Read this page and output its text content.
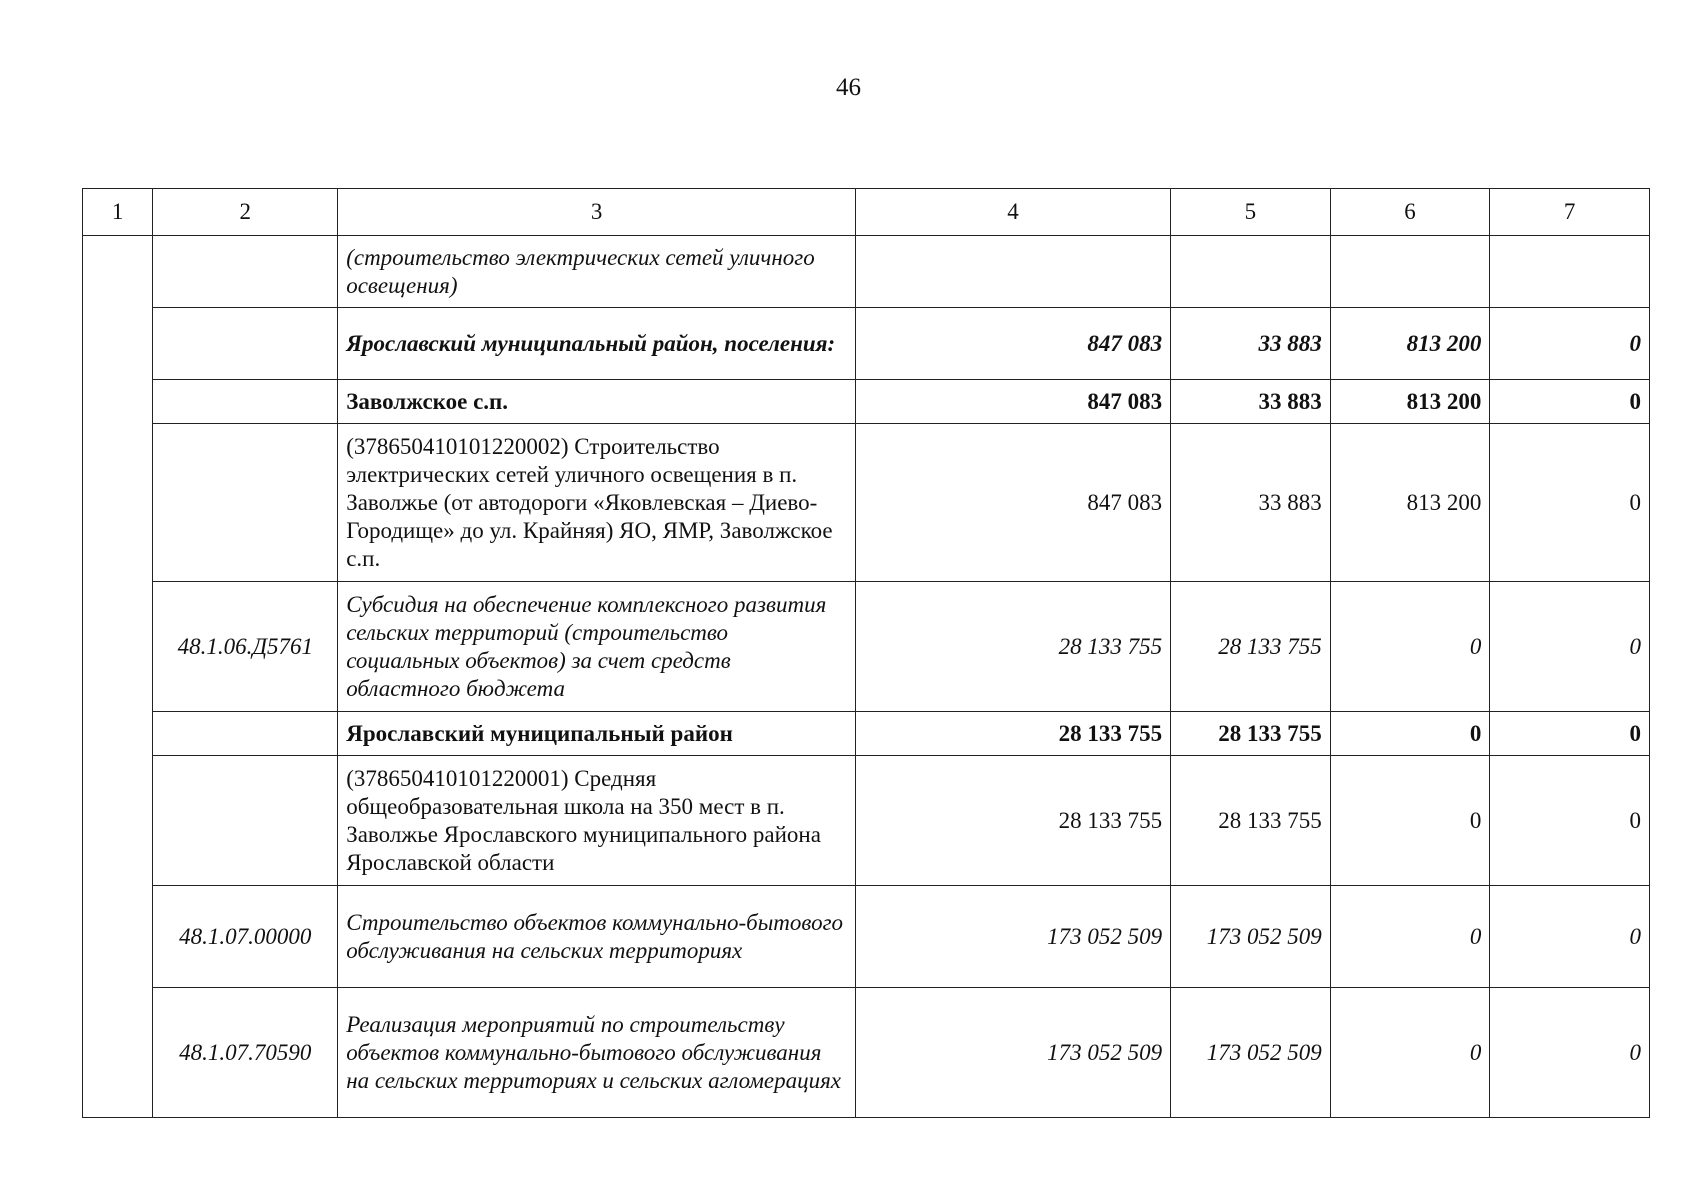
46
1	2	3	4	5	6	7
		(строительство электрических сетей уличного освещения)				
		Ярославский муниципальный район, поселения:	847 083	33 883	813 200	0
		Заволжское с.п.	847 083	33 883	813 200	0
		(378650410101220002) Строительство электрических сетей уличного освещения в п. Заволжье (от автодороги «Яковлевская – Диево-Городище» до ул. Крайняя) ЯО, ЯМР, Заволжское с.п.	847 083	33 883	813 200	0
	48.1.06.Д5761	Субсидия на обеспечение комплексного развития сельских территорий (строительство социальных объектов) за счет средств областного бюджета	28 133 755	28 133 755	0	0
		Ярославский муниципальный район	28 133 755	28 133 755	0	0
		(378650410101220001) Средняя общеобразовательная школа на 350 мест в п. Заволжье Ярославского муниципального района Ярославской области	28 133 755	28 133 755	0	0
	48.1.07.00000	Строительство объектов коммунально-бытового обслуживания на сельских территориях	173 052 509	173 052 509	0	0
	48.1.07.70590	Реализация мероприятий по строительству объектов коммунально-бытового обслуживания на сельских территориях и сельских агломерациях	173 052 509	173 052 509	0	0
